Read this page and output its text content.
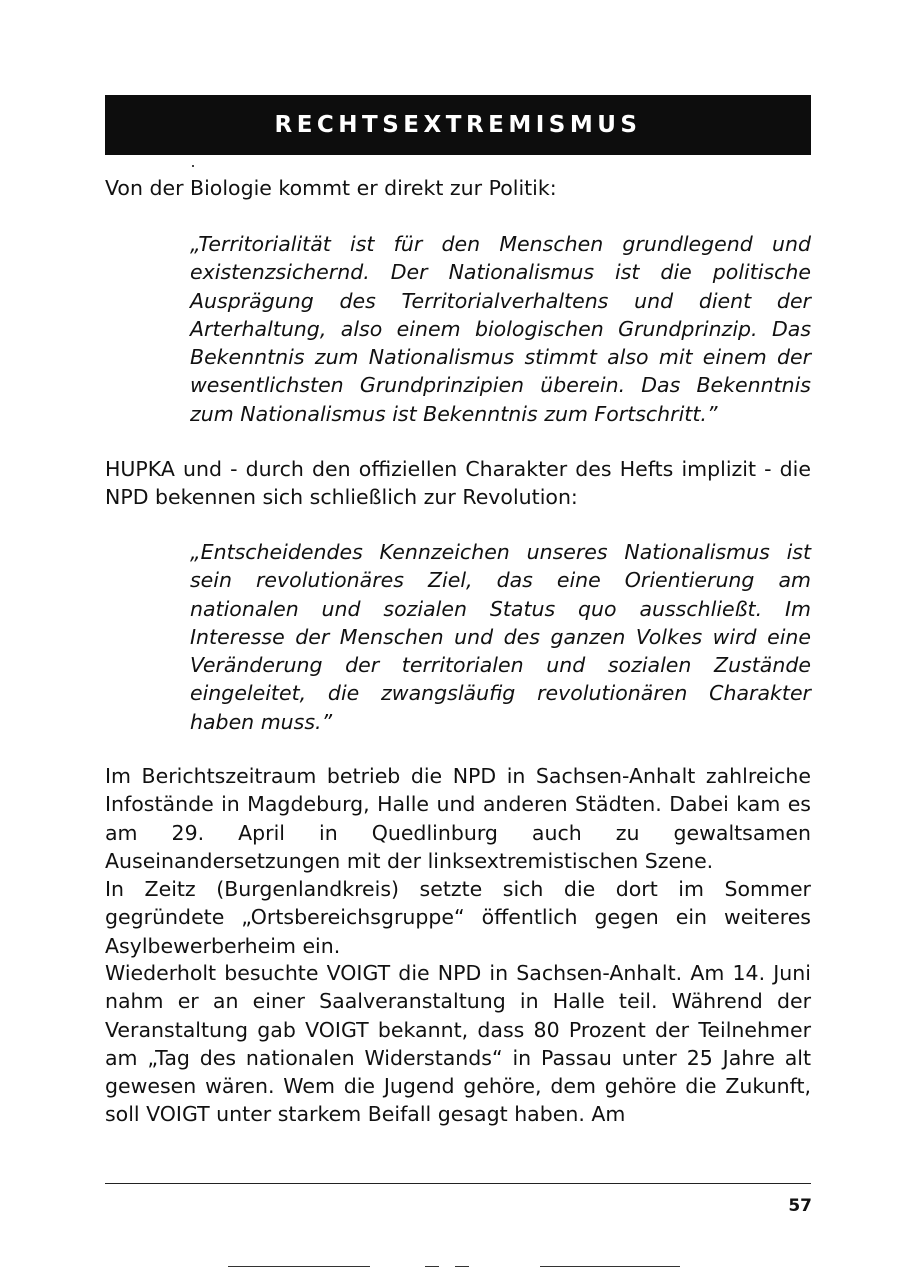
RECHTSEXTREMISMUS

Von der Biologie kommt er direkt zur Politik:

„Territorialität ist für den Menschen grundlegend und existenzsichernd. Der Nationalismus ist die politische Ausprägung des Territorialverhaltens und dient der Arterhaltung, also einem biologischen Grundprinzip. Das Bekenntnis zum Nationalismus stimmt also mit einem der wesentlichsten Grundprinzipien überein. Das Bekenntnis zum Nationalismus ist Bekenntnis zum Fortschritt.”

HUPKA und - durch den offiziellen Charakter des Hefts implizit - die NPD bekennen sich schließlich zur Revolution:

„Entscheidendes Kennzeichen unseres Nationalismus ist sein revolutionäres Ziel, das eine Orientierung am nationalen und sozialen Status quo ausschließt. Im Interesse der Menschen und des ganzen Volkes wird eine Veränderung der territorialen und sozialen Zustände eingeleitet, die zwangsläufig revolutionären Charakter haben muss.”

Im Berichtszeitraum betrieb die NPD in Sachsen-Anhalt zahlreiche Infostände in Magdeburg, Halle und anderen Städten. Dabei kam es am 29. April in Quedlinburg auch zu gewaltsamen Auseinandersetzungen mit der linksextremistischen Szene.

In Zeitz (Burgenlandkreis) setzte sich die dort im Sommer gegründete „Ortsbereichsgruppe“ öffentlich gegen ein weiteres Asylbewerberheim ein.

Wiederholt besuchte VOIGT die NPD in Sachsen-Anhalt. Am 14. Juni nahm er an einer Saalveranstaltung in Halle teil. Während der Veranstaltung gab VOIGT bekannt, dass 80 Prozent der Teilnehmer am „Tag des nationalen Widerstands“ in Passau unter 25 Jahre alt gewesen wären. Wem die Jugend gehöre, dem gehöre die Zukunft, soll VOIGT unter starkem Beifall gesagt haben. Am

57
